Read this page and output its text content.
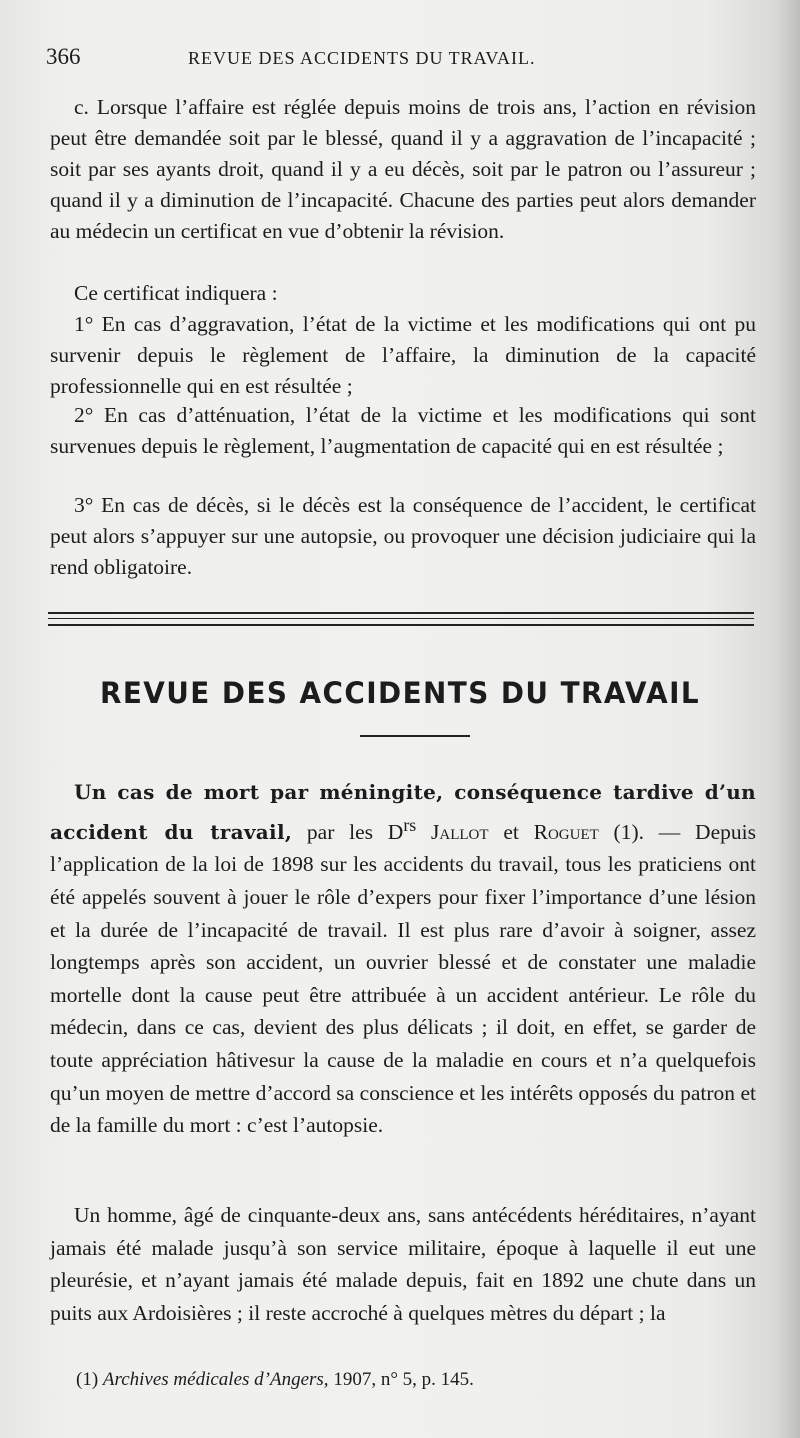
366	REVUE DES ACCIDENTS DU TRAVAIL.

c. Lorsque l’affaire est réglée depuis moins de trois ans, l’action en révision peut être demandée soit par le blessé, quand il y a aggravation de l’incapacité ; soit par ses ayants droit, quand il y a eu décès, soit par le patron ou l’assureur ; quand il y a diminution de l’incapacité. Chacune des parties peut alors demander au médecin un certificat en vue d’obtenir la révision.

Ce certificat indiquera :

1° En cas d’aggravation, l’état de la victime et les modifications qui ont pu survenir depuis le règlement de l’affaire, la diminution de la capacité professionnelle qui en est résultée ;

2° En cas d’atténuation, l’état de la victime et les modifications qui sont survenues depuis le règlement, l’augmentation de capacité qui en est résultée ;

3° En cas de décès, si le décès est la conséquence de l’accident, le certificat peut alors s’appuyer sur une autopsie, ou provoquer une décision judiciaire qui la rend obligatoire.

REVUE DES ACCIDENTS DU TRAVAIL

Un cas de mort par méningite, conséquence tardive d’un accident du travail, par les $D^{rs}$ Jallot et Roguet (1). — Depuis l’application de la loi de 1898 sur les accidents du travail, tous les praticiens ont été appelés souvent à jouer le rôle d’expers pour fixer l’importance d’une lésion et la durée de l’incapacité de travail. Il est plus rare d’avoir à soigner, assez longtemps après son accident, un ouvrier blessé et de constater une maladie mortelle dont la cause peut être attribuée à un accident antérieur. Le rôle du médecin, dans ce cas, devient des plus délicats ; il doit, en effet, se garder de toute appréciation hâtivesur la cause de la maladie en cours et n’a quelquefois qu’un moyen de mettre d’accord sa conscience et les intérêts opposés du patron et de la famille du mort : c’est l’autopsie.

Un homme, âgé de cinquante-deux ans, sans antécédents héréditaires, n’ayant jamais été malade jusqu’à son service militaire, époque à laquelle il eut une pleurésie, et n’ayant jamais été malade depuis, fait en 1892 une chute dans un puits aux Ardoisières ; il reste accroché à quelques mètres du départ ; la

(1) Archives médicales d’Angers, 1907, n° 5, p. 145.
